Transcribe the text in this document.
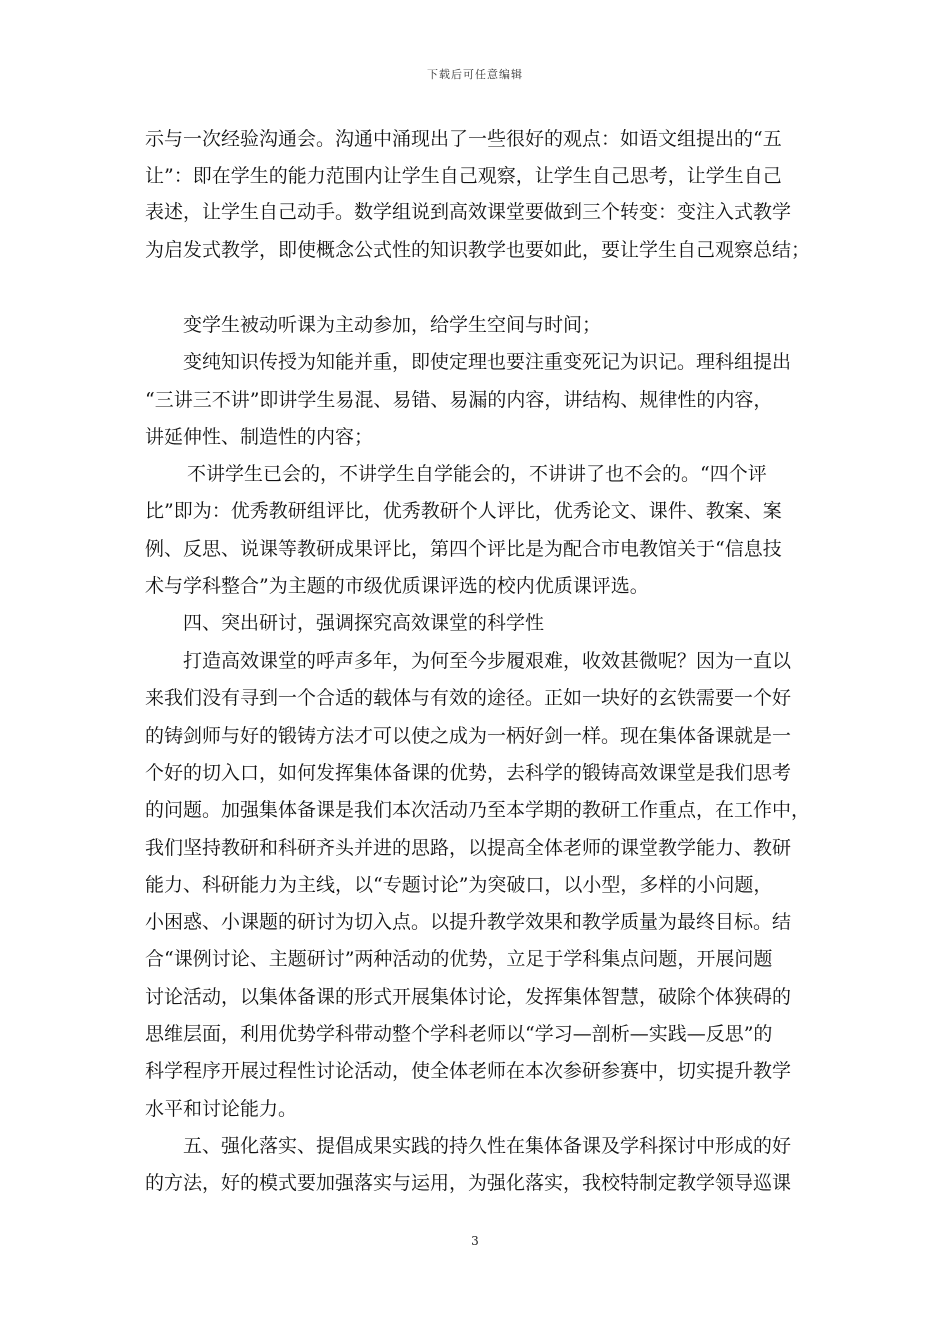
下载后可任意编辑
示与一次经验沟通会。沟通中涌现出了一些很好的观点：如语文组提出的“五
让”：即在学生的能力范围内让学生自己观察，让学生自己思考，让学生自己
表述，让学生自己动手。数学组说到高效课堂要做到三个转变：变注入式教学
为启发式教学，即使概念公式性的知识教学也要如此，要让学生自己观察总结；
变学生被动听课为主动参加，给学生空间与时间；
变纯知识传授为知能并重，即使定理也要注重变死记为识记。理科组提出
“三讲三不讲”即讲学生易混、易错、易漏的内容，讲结构、规律性的内容，
讲延伸性、制造性的内容；
不讲学生已会的，不讲学生自学能会的，不讲讲了也不会的。“四个评
比”即为：优秀教研组评比，优秀教研个人评比，优秀论文、课件、教案、案
例、反思、说课等教研成果评比，第四个评比是为配合市电教馆关于“信息技
术与学科整合”为主题的市级优质课评选的校内优质课评选。
四、突出研讨，强调探究高效课堂的科学性
打造高效课堂的呼声多年，为何至今步履艰难，收效甚微呢？因为一直以
来我们没有寻到一个合适的载体与有效的途径。正如一块好的玄铁需要一个好
的铸剑师与好的锻铸方法才可以使之成为一柄好剑一样。现在集体备课就是一
个好的切入口，如何发挥集体备课的优势，去科学的锻铸高效课堂是我们思考
的问题。加强集体备课是我们本次活动乃至本学期的教研工作重点，在工作中，
我们坚持教研和科研齐头并进的思路，以提高全体老师的课堂教学能力、教研
能力、科研能力为主线，以“专题讨论”为突破口，以小型，多样的小问题，
小困惑、小课题的研讨为切入点。以提升教学效果和教学质量为最终目标。结
合“课例讨论、主题研讨”两种活动的优势，立足于学科集点问题，开展问题
讨论活动，以集体备课的形式开展集体讨论，发挥集体智慧，破除个体狭碍的
思维层面，利用优势学科带动整个学科老师以“学习—剖析—实践—反思”的
科学程序开展过程性讨论活动，使全体老师在本次参研参赛中，切实提升教学
水平和讨论能力。
五、强化落实、提倡成果实践的持久性在集体备课及学科探讨中形成的好
的方法，好的模式要加强落实与运用，为强化落实，我校特制定教学领导巡课
3
